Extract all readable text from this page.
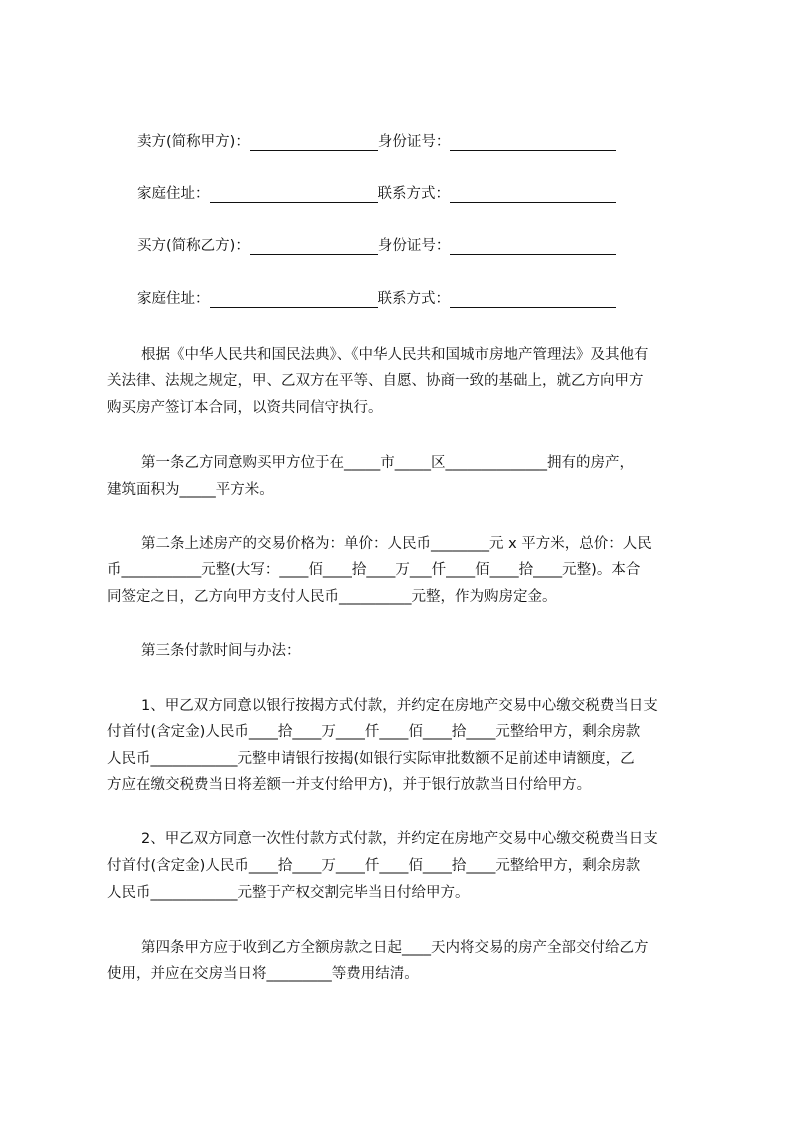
卖方(简称甲方)：	身份证号：
家庭住址：	联系方式：
买方(简称乙方)：	身份证号：
家庭住址：	联系方式：
根据《中华人民共和国民法典》、《中华人民共和国城市房地产管理法》及其他有
关法律、法规之规定，甲、乙双方在平等、自愿、协商一致的基础上，就乙方向甲方
购买房产签订本合同，以资共同信守执行。
第一条乙方同意购买甲方位于在_____市_____区______________拥有的房产，
建筑面积为_____平方米。
第二条上述房产的交易价格为：单价：人民币________元 x 平方米，总价：人民
币___________元整(大写：____佰____拾____万___仟____佰____拾____元整)。本合
同签定之日，乙方向甲方支付人民币__________元整，作为购房定金。
第三条付款时间与办法：
1、甲乙双方同意以银行按揭方式付款，并约定在房地产交易中心缴交税费当日支
付首付(含定金)人民币____拾____万____仟____佰____拾____元整给甲方，剩余房款
人民币____________元整申请银行按揭(如银行实际审批数额不足前述申请额度，乙
方应在缴交税费当日将差额一并支付给甲方)，并于银行放款当日付给甲方。
2、甲乙双方同意一次性付款方式付款，并约定在房地产交易中心缴交税费当日支
付首付(含定金)人民币____拾____万____仟____佰____拾____元整给甲方，剩余房款
人民币____________元整于产权交割完毕当日付给甲方。
第四条甲方应于收到乙方全额房款之日起____天内将交易的房产全部交付给乙方
使用，并应在交房当日将_________等费用结清。
